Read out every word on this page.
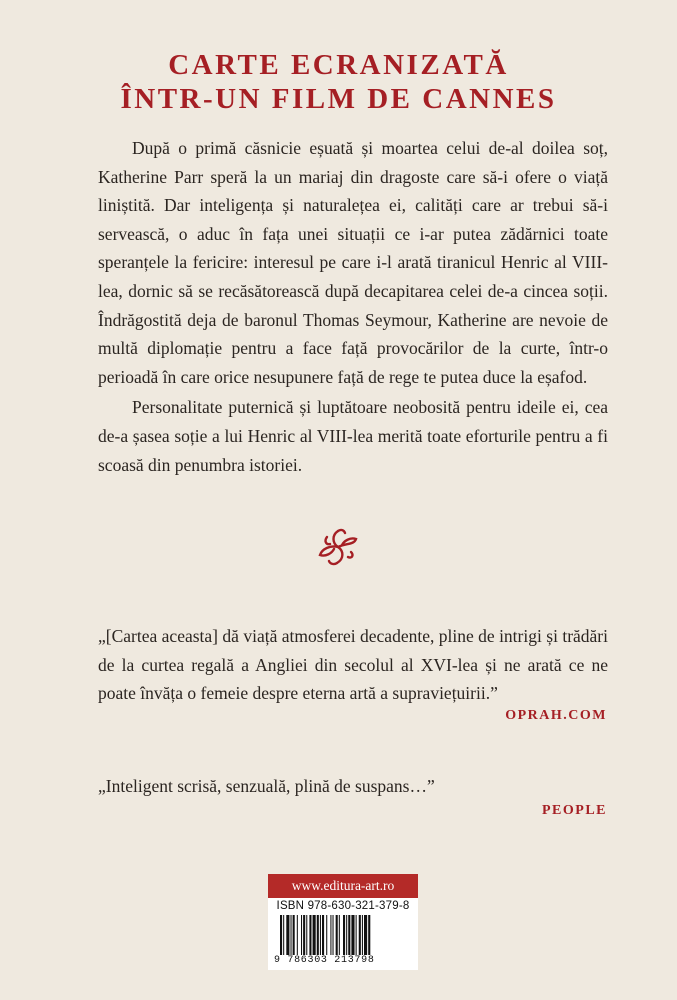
CARTE ECRANIZATĂ
ÎNTR-UN FILM DE CANNES

După o primă căsnicie eșuată și moartea celui de-al doilea soț, Katherine Parr speră la un mariaj din dragoste care să-i ofere o viață liniștită. Dar inteligența și naturalețea ei, calități care ar trebui să-i servească, o aduc în fața unei situații ce i-ar putea zădărnici toate speranțele la fericire: interesul pe care i-l arată tiranicul Henric al VIII-lea, dornic să se recăsătorească după decapitarea celei de-a cincea soții. Îndrăgostită deja de baronul Thomas Seymour, Katherine are nevoie de multă diplomație pentru a face față provocărilor de la curte, într-o perioadă în care orice nesupunere față de rege te putea duce la eșafod.

Personalitate puternică și luptătoare neobosită pentru ideile ei, cea de-a șasea soție a lui Henric al VIII-lea merită toate eforturile pentru a fi scoasă din penumbra istoriei.

„[Cartea aceasta] dă viață atmosferei decadente, pline de intrigi și trădări de la curtea regală a Angliei din secolul al XVI-lea și ne arată ce ne poate învăța o femeie despre eterna artă a supraviețuirii.”

OPRAH.COM
„Inteligent scrisă, senzuală, plină de suspans…”
PEOPLE
www.editura-art.ro
ISBN 978-630-321-379-8
9 786303 213798
